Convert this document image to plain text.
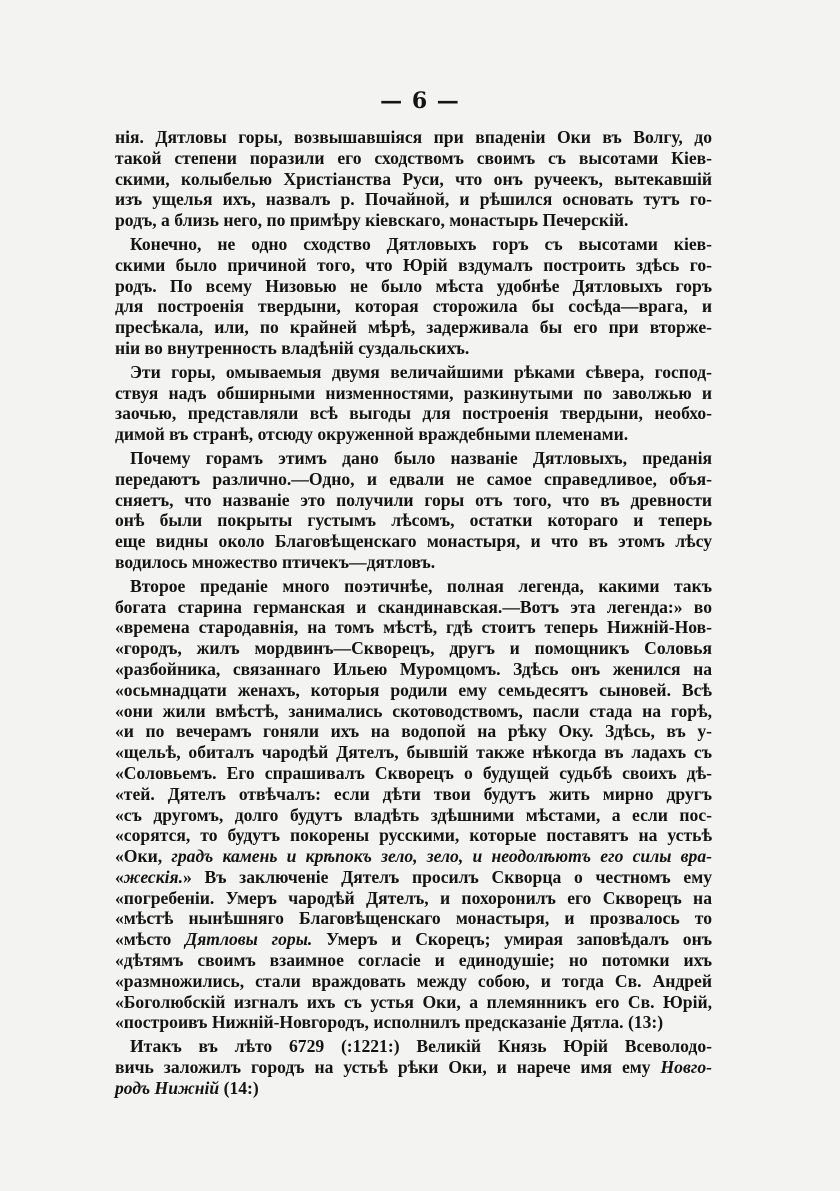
— 6 —
нія. Дятловы горы, возвышавшіяся при впаденіи Оки въ Волгу, до
такой степени поразили его сходствомъ своимъ съ высотами Кіев-
скими, колыбелью Христіанства Руси, что онъ ручеекъ, вытекавшій
изъ ущелья ихъ, назвалъ р. Почайной, и рѣшился основать тутъ го-
родъ, а близь него, по примѣру кіевскаго, монастырь Печерскій.
Конечно, не одно сходство Дятловыхъ горъ съ высотами кіев-
скими было причиной того, что Юрій вздумалъ построить здѣсь го-
родъ. По всему Низовью не было мѣста удобнѣе Дятловыхъ горъ
для построенія твердыни, которая сторожила бы сосѣда—врага, и
пресѣкала, или, по крайней мѣрѣ, задерживала бы его при вторже-
ніи во внутренность владѣній суздальскихъ.
Эти горы, омываемыя двумя величайшими рѣками сѣвера, господ-
ствуя надъ обширными низменностями, разкинутыми по заволжью и
заочью, представляли всѣ выгоды для построенія твердыни, необхо-
димой въ странѣ, отсюду окруженной враждебными племенами.
Почему горамъ этимъ дано было названіе Дятловыхъ, преданія
передаютъ различно.—Одно, и едвали не самое справедливое, объя-
сняетъ, что названіе это получили горы отъ того, что въ древности
онѣ были покрыты густымъ лѣсомъ, остатки котораго и теперь
еще видны около Благовѣщенскаго монастыря, и что въ этомъ лѣсу
водилось множество птичекъ—дятловъ.
Второе преданіе много поэтичнѣе, полная легенда, какими такъ
богата старина германская и скандинавская.—Вотъ эта легенда:» во
«времена стародавнія, на томъ мѣстѣ, гдѣ стоитъ теперь Нижній-Нов-
«городъ, жилъ мордвинъ—Скворецъ, другъ и помощникъ Соловья
«разбойника, связаннаго Ильею Муромцомъ. Здѣсь онъ женился на
«осьмнадцати женахъ, которыя родили ему семьдесятъ сыновей. Всѣ
«они жили вмѣстѣ, занимались скотоводствомъ, пасли стада на горѣ,
«и по вечерамъ гоняли ихъ на водопой на рѣку Оку. Здѣсь, въ у-
«щельѣ, обиталъ чародѣй Дятелъ, бывшій также нѣкогда въ ладахъ съ
«Соловьемъ. Его спрашивалъ Скворецъ о будущей судьбѣ своихъ дѣ-
«тей. Дятелъ отвѣчалъ: если дѣти твои будутъ жить мирно другъ
«съ другомъ, долго будутъ владѣть здѣшними мѣстами, а если пос-
«сорятся, то будутъ покорены русскими, которые поставятъ на устьѣ
«Оки, градъ камень и крѣпокъ зело, зело, и неодолѣютъ его силы вра-
«жескія.» Въ заключеніе Дятелъ просилъ Скворца о честномъ ему
«погребеніи. Умеръ чародѣй Дятелъ, и похоронилъ его Скворецъ на
«мѣстѣ нынѣшняго Благовѣщенскаго монастыря, и прозвалось то
«мѣсто Дятловы горы. Умеръ и Скорецъ; умирая заповѣдалъ онъ
«дѣтямъ своимъ взаимное согласіе и единодушіе; но потомки ихъ
«размножились, стали враждовать между собою, и тогда Св. Андрей
«Боголюбскій изгналъ ихъ съ устья Оки, а племянникъ его Св. Юрій,
«построивъ Нижній-Новгородъ, исполнилъ предсказаніе Дятла. (13:)
Итакъ въ лѣто 6729 (:1221:) Великій Князь Юрій Всеволодо-
вичь заложилъ городъ на устьѣ рѣки Оки, и нарече имя ему Новго-
родъ Нижній (14:)
